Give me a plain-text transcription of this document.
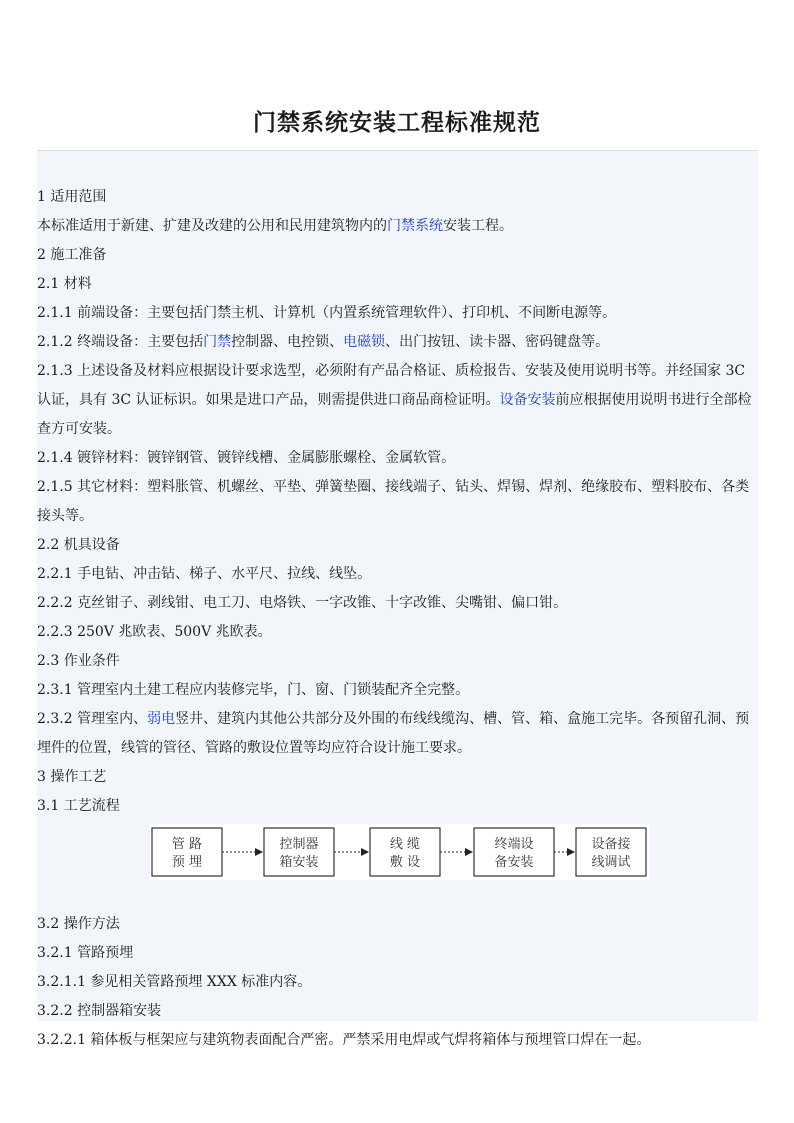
门禁系统安装工程标准规范
1 适用范围
本标准适用于新建、扩建及改建的公用和民用建筑物内的门禁系统安装工程。
2 施工准备
2.1 材料
2.1.1 前端设备：主要包括门禁主机、计算机（内置系统管理软件）、打印机、不间断电源等。
2.1.2 终端设备：主要包括门禁控制器、电控锁、电磁锁、出门按钮、读卡器、密码键盘等。
2.1.3 上述设备及材料应根据设计要求选型，必须附有产品合格证、质检报告、安装及使用说明书等。并经国家 3C 认证，具有 3C 认证标识。如果是进口产品，则需提供进口商品商检证明。设备安装前应根据使用说明书进行全部检查方可安装。
2.1.4 镀锌材料：镀锌钢管、镀锌线槽、金属膨胀螺栓、金属软管。
2.1.5 其它材料：塑料胀管、机螺丝、平垫、弹簧垫圈、接线端子、钻头、焊锡、焊剂、绝缘胶布、塑料胶布、各类接头等。
2.2 机具设备
2.2.1 手电钻、冲击钻、梯子、水平尺、拉线、线坠。
2.2.2 克丝钳子、剥线钳、电工刀、电烙铁、一字改锥、十字改锥、尖嘴钳、偏口钳。
2.2.3 250V 兆欧表、500V 兆欧表。
2.3 作业条件
2.3.1 管理室内土建工程应内装修完毕，门、窗、门锁装配齐全完整。
2.3.2 管理室内、弱电竖井、建筑内其他公共部分及外围的布线线缆沟、槽、管、箱、盒施工完毕。各预留孔洞、预埋件的位置，线管的管径、管路的敷设位置等均应符合设计施工要求。
3 操作工艺
3.1 工艺流程
管 路
预 埋
控制器
箱安装
线 缆
敷 设
终端设
备安装
设备接
线调试
3.2 操作方法
3.2.1 管路预埋
3.2.1.1 参见相关管路预埋 XXX 标准内容。
3.2.2 控制器箱安装
3.2.2.1 箱体板与框架应与建筑物表面配合严密。严禁采用电焊或气焊将箱体与预埋管口焊在一起。
